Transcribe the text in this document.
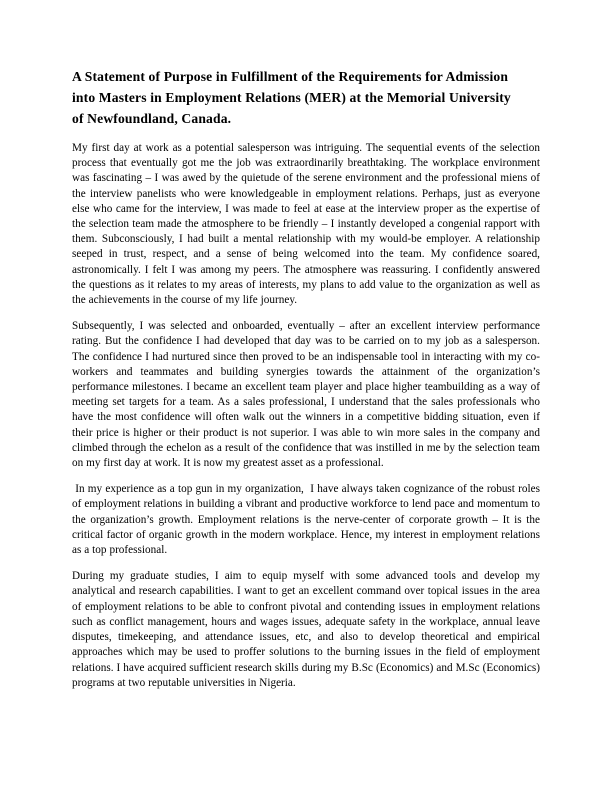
A Statement of Purpose in Fulfillment of the Requirements for Admission into Masters in Employment Relations (MER) at the Memorial University of Newfoundland, Canada.

My first day at work as a potential salesperson was intriguing. The sequential events of the selection process that eventually got me the job was extraordinarily breathtaking. The workplace environment was fascinating – I was awed by the quietude of the serene environment and the professional miens of the interview panelists who were knowledgeable in employment relations. Perhaps, just as everyone else who came for the interview, I was made to feel at ease at the interview proper as the expertise of the selection team made the atmosphere to be friendly – I instantly developed a congenial rapport with them. Subconsciously, I had built a mental relationship with my would-be employer. A relationship seeped in trust, respect, and a sense of being welcomed into the team. My confidence soared, astronomically. I felt I was among my peers. The atmosphere was reassuring. I confidently answered the questions as it relates to my areas of interests, my plans to add value to the organization as well as the achievements in the course of my life journey.

Subsequently, I was selected and onboarded, eventually – after an excellent interview performance rating. But the confidence I had developed that day was to be carried on to my job as a salesperson. The confidence I had nurtured since then proved to be an indispensable tool in interacting with my co-workers and teammates and building synergies towards the attainment of the organization’s performance milestones. I became an excellent team player and place higher teambuilding as a way of meeting set targets for a team. As a sales professional, I understand that the sales professionals who have the most confidence will often walk out the winners in a competitive bidding situation, even if their price is higher or their product is not superior. I was able to win more sales in the company and climbed through the echelon as a result of the confidence that was instilled in me by the selection team on my first day at work. It is now my greatest asset as a professional.

In my experience as a top gun in my organization,  I have always taken cognizance of the robust roles of employment relations in building a vibrant and productive workforce to lend pace and momentum to the organization’s growth. Employment relations is the nerve-center of corporate growth – It is the critical factor of organic growth in the modern workplace. Hence, my interest in employment relations as a top professional.

During my graduate studies, I aim to equip myself with some advanced tools and develop my analytical and research capabilities. I want to get an excellent command over topical issues in the area of employment relations to be able to confront pivotal and contending issues in employment relations such as conflict management, hours and wages issues, adequate safety in the workplace, annual leave disputes, timekeeping, and attendance issues, etc, and also to develop theoretical and empirical approaches which may be used to proffer solutions to the burning issues in the field of employment relations. I have acquired sufficient research skills during my B.Sc (Economics) and M.Sc (Economics) programs at two reputable universities in Nigeria.
